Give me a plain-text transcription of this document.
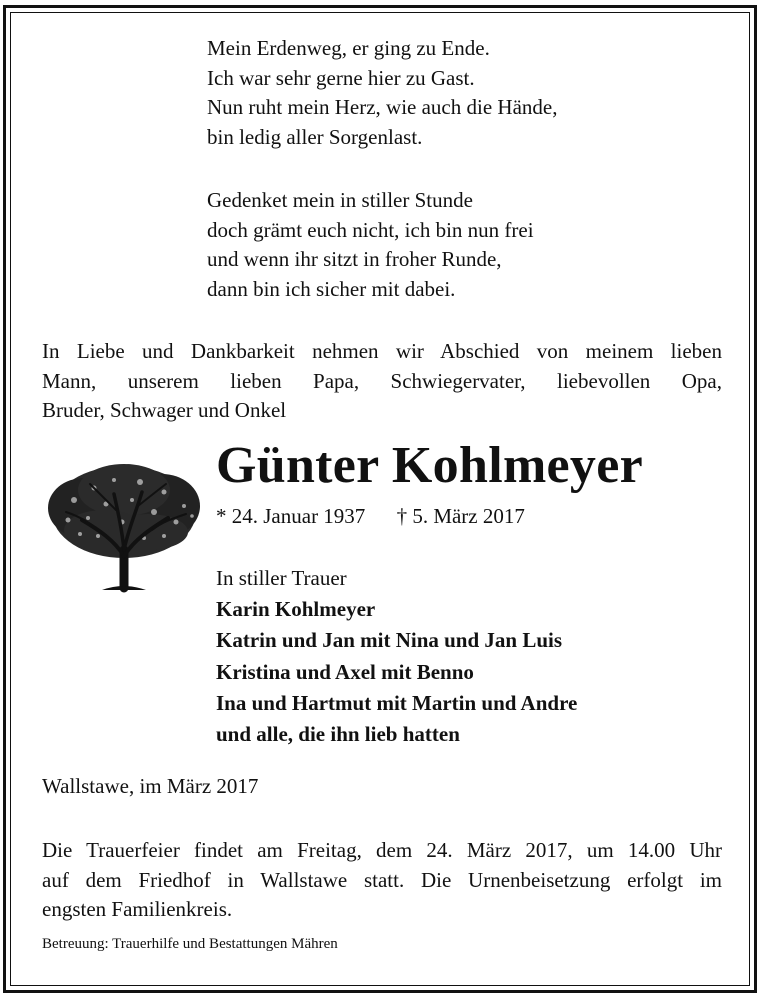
Mein Erdenweg, er ging zu Ende.
Ich war sehr gerne hier zu Gast.
Nun ruht mein Herz, wie auch die Hände,
bin ledig aller Sorgenlast.
Gedenket mein in stiller Stunde
doch grämt euch nicht, ich bin nun frei
und wenn ihr sitzt in froher Runde,
dann bin ich sicher mit dabei.
In Liebe und Dankbarkeit nehmen wir Abschied von meinem lieben
Mann, unserem lieben Papa, Schwiegervater, liebevollen Opa,
Bruder, Schwager und Onkel
Günter Kohlmeyer
* 24. Januar 1937 † 5. März 2017
In stiller Trauer
Karin Kohlmeyer
Katrin und Jan mit Nina und Jan Luis
Kristina und Axel mit Benno
Ina und Hartmut mit Martin und Andre
und alle, die ihn lieb hatten
Wallstawe, im März 2017
Die Trauerfeier findet am Freitag, dem 24. März 2017, um 14.00 Uhr
auf dem Friedhof in Wallstawe statt. Die Urnenbeisetzung erfolgt im
engsten Familienkreis.
Betreuung: Trauerhilfe und Bestattungen Mähren
